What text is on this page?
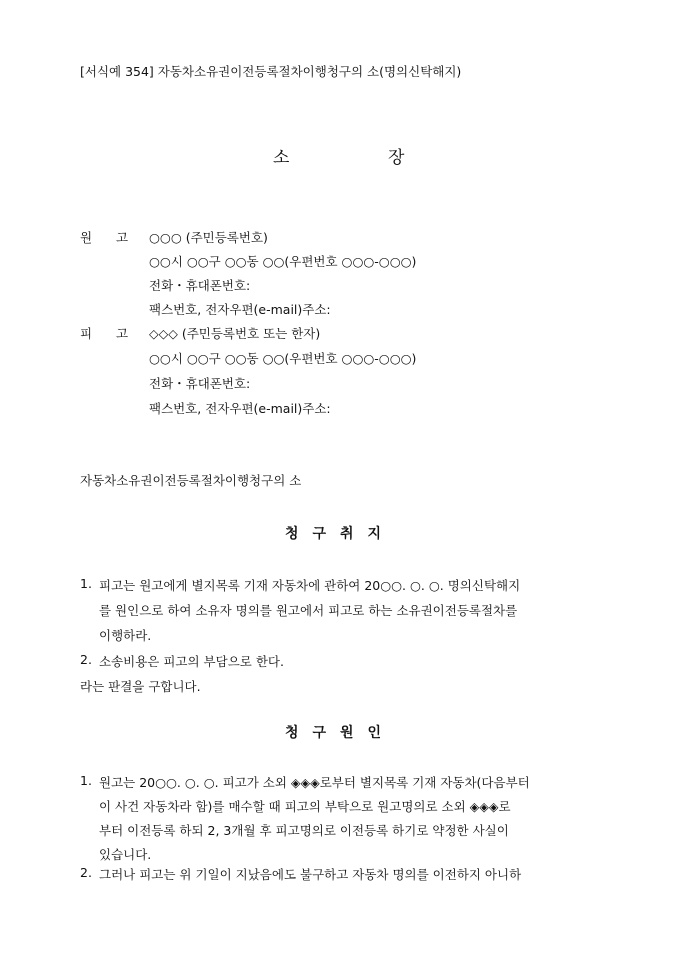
[서식예 354] 자동차소유권이전등록절차이행청구의 소(명의신탁해지)
소	장
원 고	○○○ (주민등록번호)
○○시 ○○구 ○○동 ○○(우편번호 ○○○-○○○)
전화・휴대폰번호:
팩스번호, 전자우편(e-mail)주소:
피 고	◇◇◇ (주민등록번호 또는 한자)
○○시 ○○구 ○○동 ○○(우편번호 ○○○-○○○)
전화・휴대폰번호:
팩스번호, 전자우편(e-mail)주소:
자동차소유권이전등록절차이행청구의 소
청구취지
1. 피고는 원고에게 별지목록 기재 자동차에 관하여 20○○. ○. ○. 명의신탁해지
를 원인으로 하여 소유자 명의를 원고에서 피고로 하는 소유권이전등록절차를
이행하라.
2. 소송비용은 피고의 부담으로 한다.
라는 판결을 구합니다.
청구원인
1. 원고는 20○○. ○. ○. 피고가 소외 ◈◈◈로부터 별지목록 기재 자동차(다음부터
이 사건 자동차라 함)를 매수할 때 피고의 부탁으로 원고명의로 소외 ◈◈◈로
부터 이전등록 하되 2, 3개월 후 피고명의로 이전등록 하기로 약정한 사실이
있습니다.
2. 그러나 피고는 위 기일이 지났음에도 불구하고 자동차 명의를 이전하지 아니하
